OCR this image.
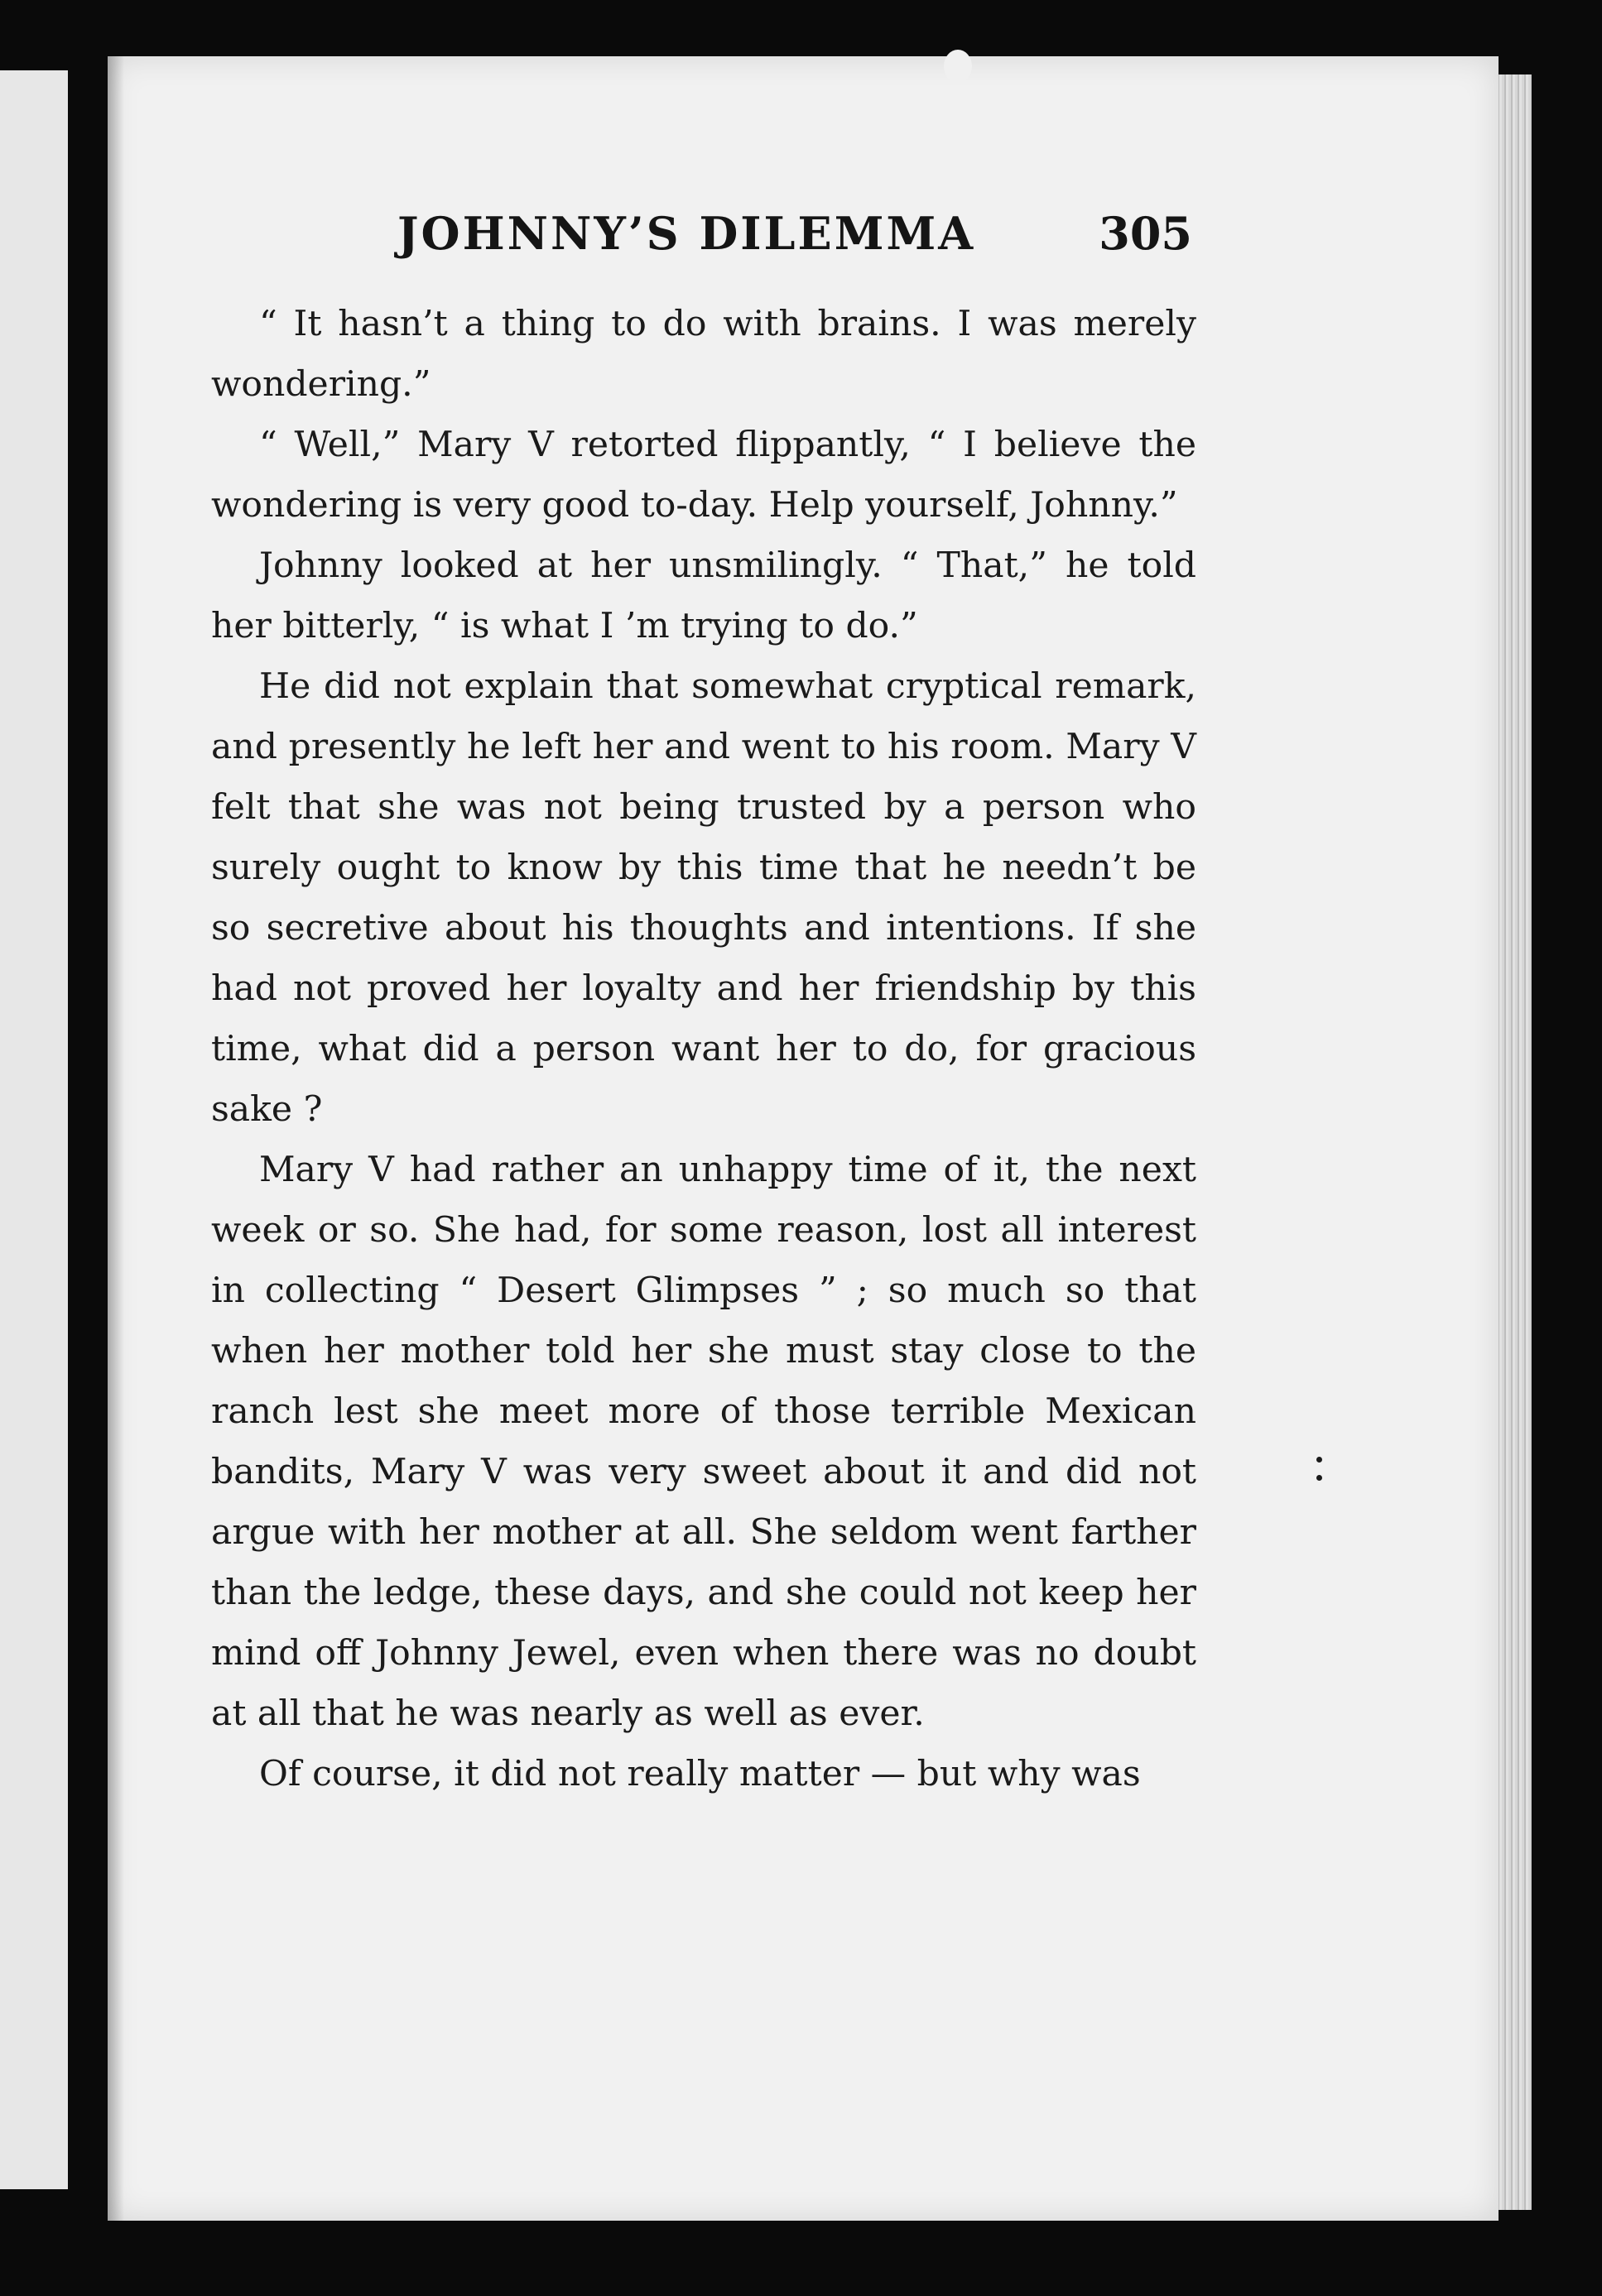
JOHNNY’S DILEMMA	305

“ It hasn’t a thing to do with brains. I was merely wondering.”

“ Well,” Mary V retorted flippantly, “ I believe the wondering is very good to-day. Help yourself, Johnny.”

Johnny looked at her unsmilingly. “ That,” he told her bitterly, “ is what I ’m trying to do.”

He did not explain that somewhat cryptical remark, and presently he left her and went to his room. Mary V felt that she was not being trusted by a person who surely ought to know by this time that he needn’t be so secretive about his thoughts and intentions. If she had not proved her loyalty and her friendship by this time, what did a person want her to do, for gracious sake ?

Mary V had rather an unhappy time of it, the next week or so. She had, for some reason, lost all interest in collecting “ Desert Glimpses ” ; so much so that when her mother told her she must stay close to the ranch lest she meet more of those terrible Mexican bandits, Mary V was very sweet about it and did not argue with her mother at all. She seldom went farther than the ledge, these days, and she could not keep her mind off Johnny Jewel, even when there was no doubt at all that he was nearly as well as ever.

Of course, it did not really matter — but why was
